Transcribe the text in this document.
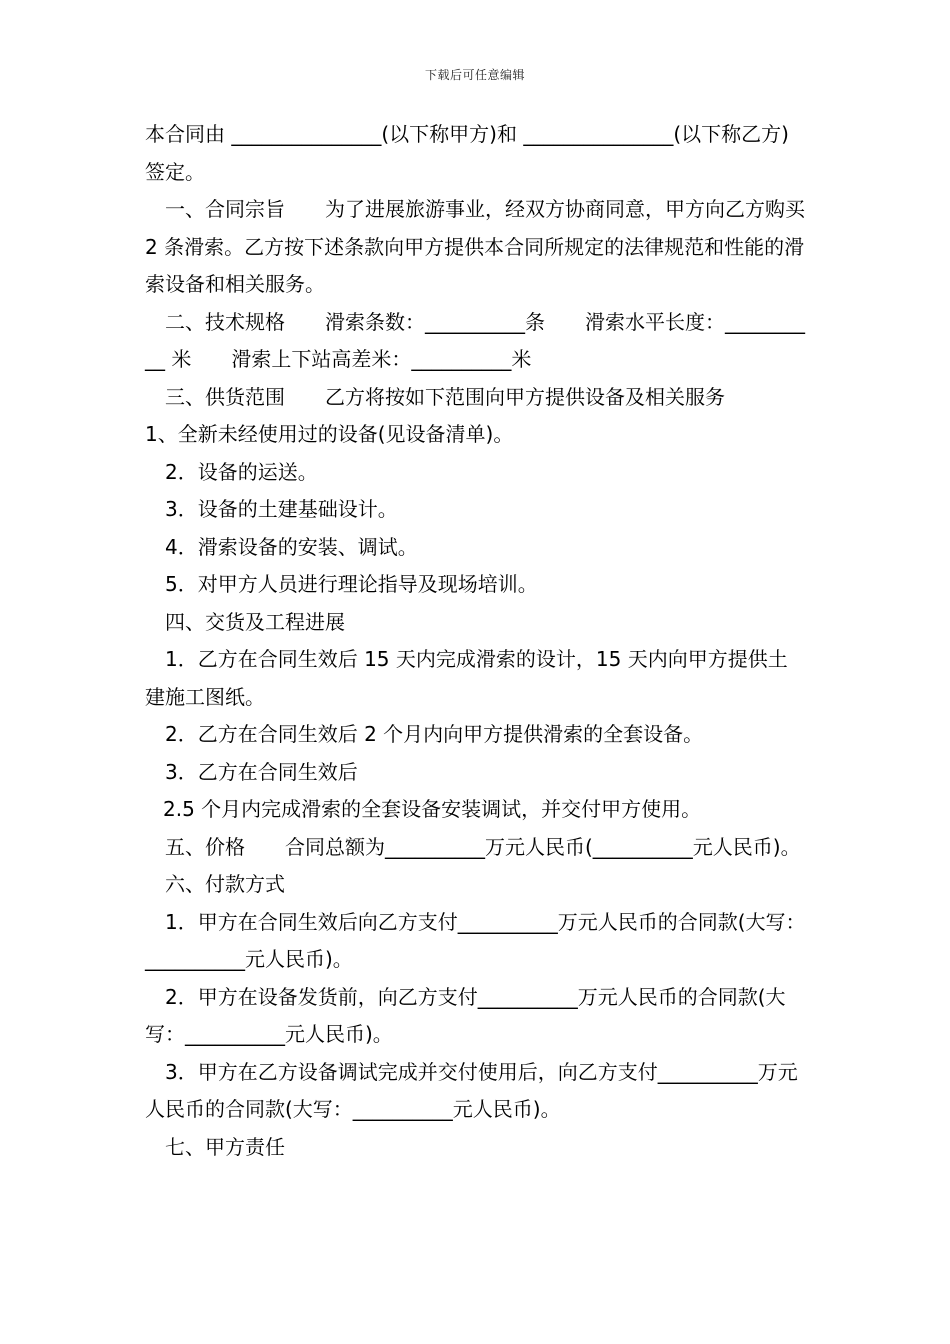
下载后可任意编辑

本合同由 _______________(以下称甲方)和 _______________(以下称乙方)签定。

一、合同宗旨　　为了进展旅游事业，经双方协商同意，甲方向乙方购买 2 条滑索。乙方按下述条款向甲方提供本合同所规定的法律规范和性能的滑索设备和相关服务。

二、技术规格　　滑索条数：__________条　　滑索水平长度：__________ 米　　滑索上下站高差米：__________米

三、供货范围　　乙方将按如下范围向甲方提供设备及相关服务

1、全新未经使用过的设备(见设备清单)。

2．设备的运送。

3．设备的土建基础设计。

4．滑索设备的安装、调试。

5．对甲方人员进行理论指导及现场培训。

四、交货及工程进展

1．乙方在合同生效后 15 天内完成滑索的设计，15 天内向甲方提供土建施工图纸。

2．乙方在合同生效后 2 个月内向甲方提供滑索的全套设备。

3．乙方在合同生效后

2.5 个月内完成滑索的全套设备安装调试，并交付甲方使用。

五、价格　　合同总额为__________万元人民币(__________元人民币)。

六、付款方式

1．甲方在合同生效后向乙方支付__________万元人民币的合同款(大写：__________元人民币)。

2．甲方在设备发货前，向乙方支付__________万元人民币的合同款(大写：__________元人民币)。

3．甲方在乙方设备调试完成并交付使用后，向乙方支付__________万元人民币的合同款(大写：__________元人民币)。

七、甲方责任
